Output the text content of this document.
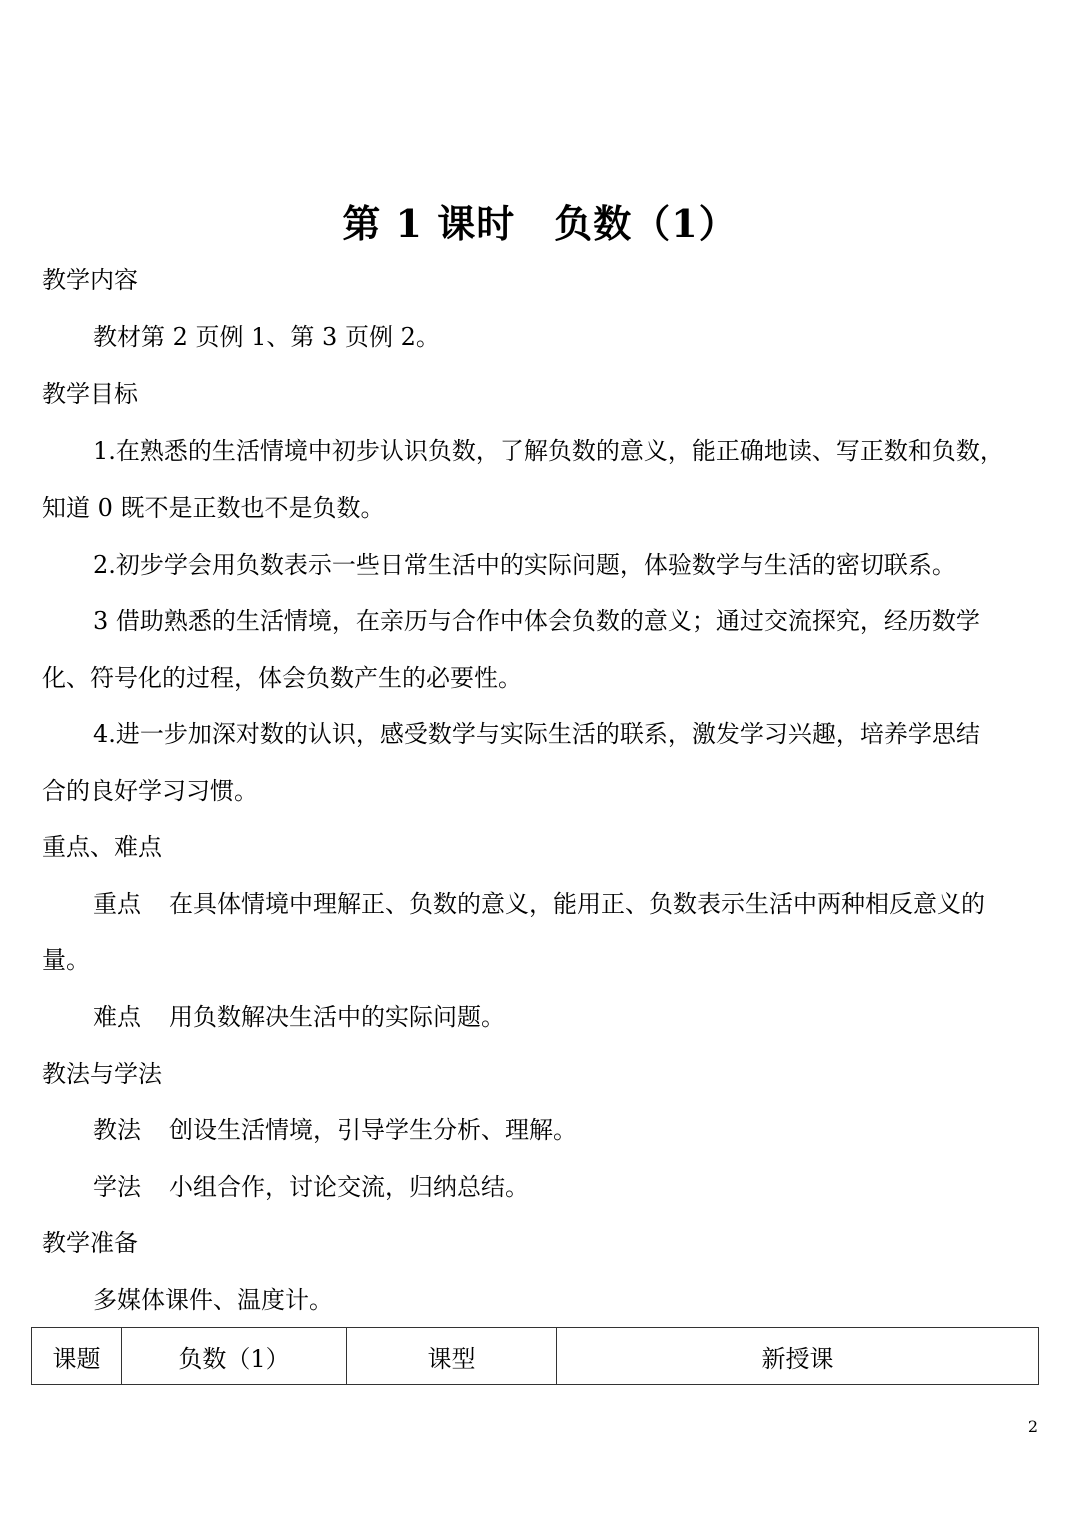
第 1 课时　负数（1）
教学内容
教材第 2 页例 1、第 3 页例 2。
教学目标
1.在熟悉的生活情境中初步认识负数，了解负数的意义，能正确地读、写正数和负数，
知道 0 既不是正数也不是负数。
2.初步学会用负数表示一些日常生活中的实际问题，体验数学与生活的密切联系。
3 借助熟悉的生活情境，在亲历与合作中体会负数的意义；通过交流探究，经历数学
化、符号化的过程，体会负数产生的必要性。
4.进一步加深对数的认识，感受数学与实际生活的联系，激发学习兴趣，培养学思结
合的良好学习习惯。
重点、难点
重点 在具体情境中理解正、负数的意义，能用正、负数表示生活中两种相反意义的
量。
难点 用负数解决生活中的实际问题。
教法与学法
教法 创设生活情境，引导学生分析、理解。
学法 小组合作，讨论交流，归纳总结。
教学准备
多媒体课件、温度计。
课题	负数（1）	课型	新授课
2
